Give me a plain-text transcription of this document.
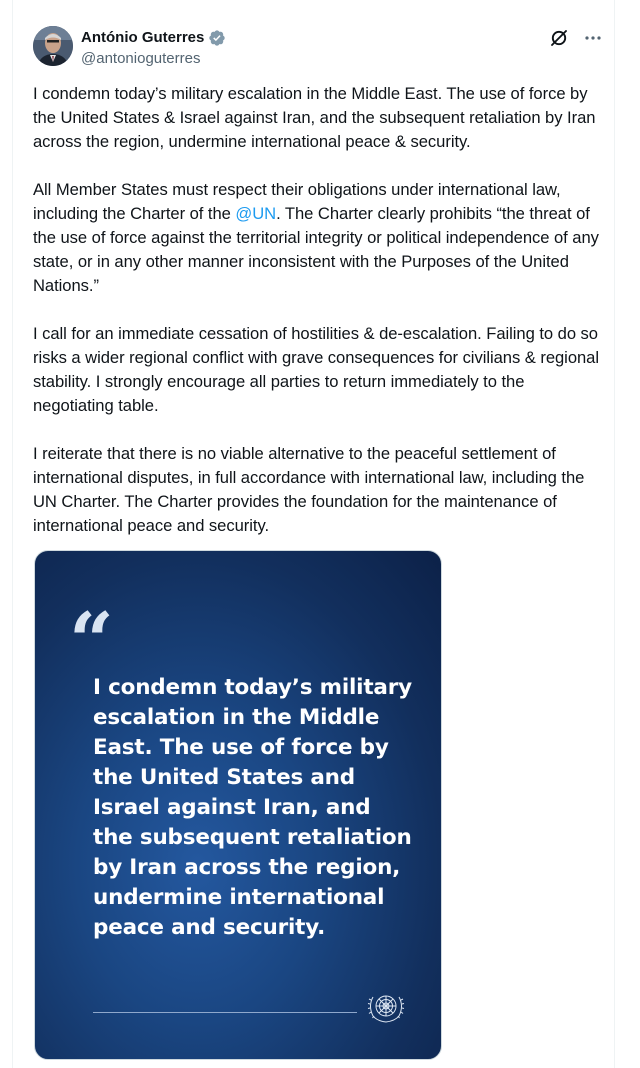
António Guterres
@antonioguterres

I condemn today’s military escalation in the Middle East. The use of force by the United States & Israel against Iran, and the subsequent retaliation by Iran across the region, undermine international peace & security.

All Member States must respect their obligations under international law, including the Charter of the @UN. The Charter clearly prohibits “the threat of the use of force against the territorial integrity or political independence of any state, or in any other manner inconsistent with the Purposes of the United Nations.”

I call for an immediate cessation of hostilities & de-escalation. Failing to do so risks a wider regional conflict with grave consequences for civilians & regional stability. I strongly encourage all parties to return immediately to the negotiating table.

I reiterate that there is no viable alternative to the peaceful settlement of international disputes, in full accordance with international law, including the UN Charter. The Charter provides the foundation for the maintenance of international peace and security.

“
I condemn today’s military
escalation in the Middle
East. The use of force by
the United States and
Israel against Iran, and
the subsequent retaliation
by Iran across the region,
undermine international
peace and security.
